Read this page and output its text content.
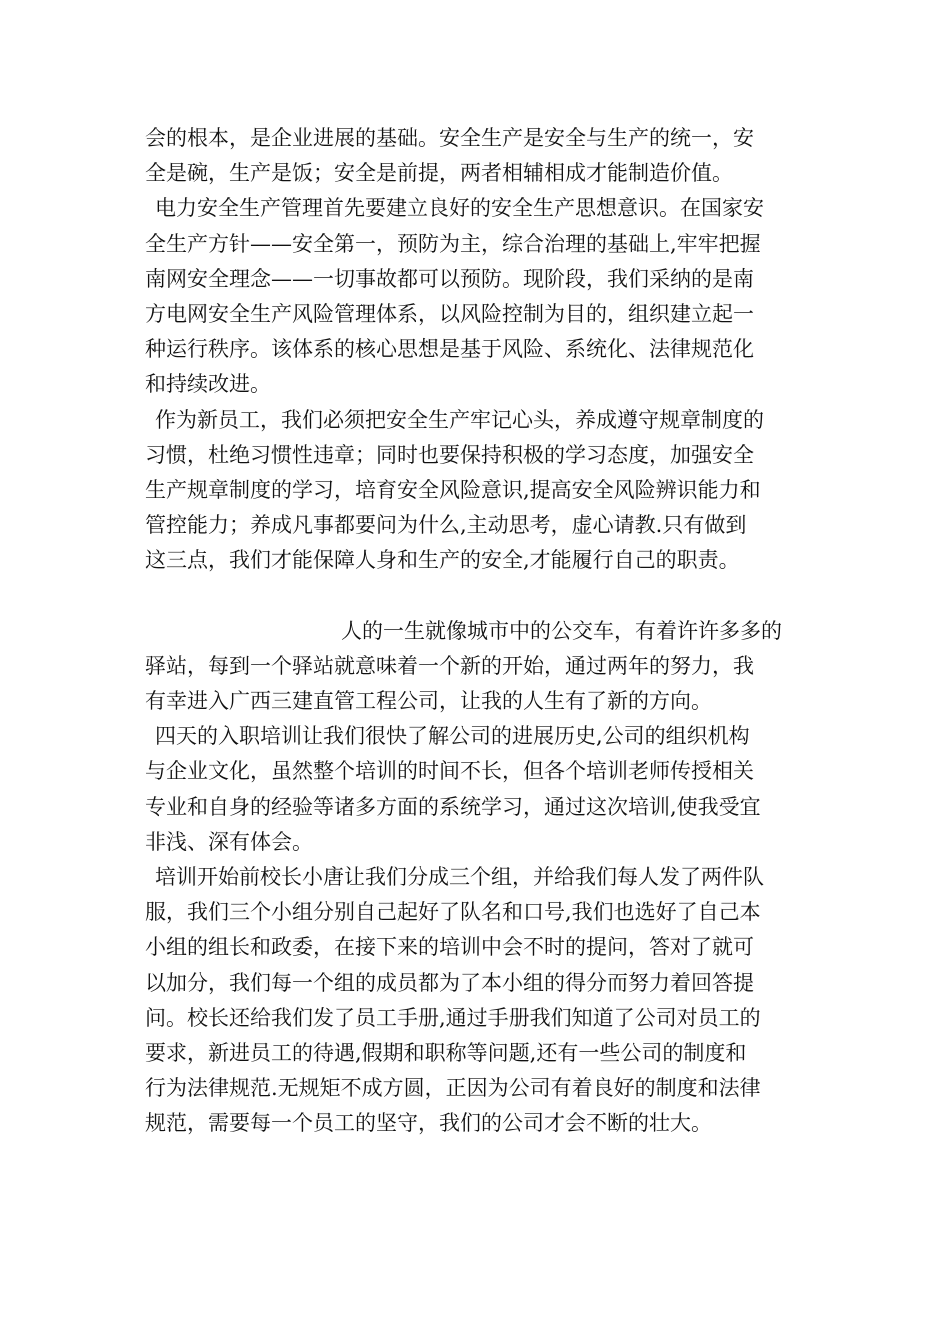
会的根本，是企业进展的基础。安全生产是安全与生产的统一，安
全是碗，生产是饭；安全是前提，两者相辅相成才能制造价值。
电力安全生产管理首先要建立良好的安全生产思想意识。在国家安
全生产方针——安全第一，预防为主，综合治理的基础上,牢牢把握
南网安全理念——一切事故都可以预防。现阶段，我们采纳的是南
方电网安全生产风险管理体系，以风险控制为目的，组织建立起一
种运行秩序。该体系的核心思想是基于风险、系统化、法律规范化
和持续改进。
作为新员工，我们必须把安全生产牢记心头，养成遵守规章制度的
习惯，杜绝习惯性违章；同时也要保持积极的学习态度，加强安全
生产规章制度的学习，培育安全风险意识,提高安全风险辨识能力和
管控能力；养成凡事都要问为什么,主动思考，虚心请教.只有做到
这三点，我们才能保障人身和生产的安全,才能履行自己的职责。
人的一生就像城市中的公交车，有着许许多多的
驿站，每到一个驿站就意味着一个新的开始，通过两年的努力，我
有幸进入广西三建直管工程公司，让我的人生有了新的方向。
四天的入职培训让我们很快了解公司的进展历史,公司的组织机构
与企业文化，虽然整个培训的时间不长，但各个培训老师传授相关
专业和自身的经验等诸多方面的系统学习，通过这次培训,使我受宜
非浅、深有体会。
培训开始前校长小唐让我们分成三个组，并给我们每人发了两件队
服，我们三个小组分别自己起好了队名和口号,我们也选好了自己本
小组的组长和政委，在接下来的培训中会不时的提问，答对了就可
以加分，我们每一个组的成员都为了本小组的得分而努力着回答提
问。校长还给我们发了员工手册,通过手册我们知道了公司对员工的
要求，新进员工的待遇,假期和职称等问题,还有一些公司的制度和
行为法律规范.无规矩不成方圆，正因为公司有着良好的制度和法律
规范，需要每一个员工的坚守，我们的公司才会不断的壮大。
